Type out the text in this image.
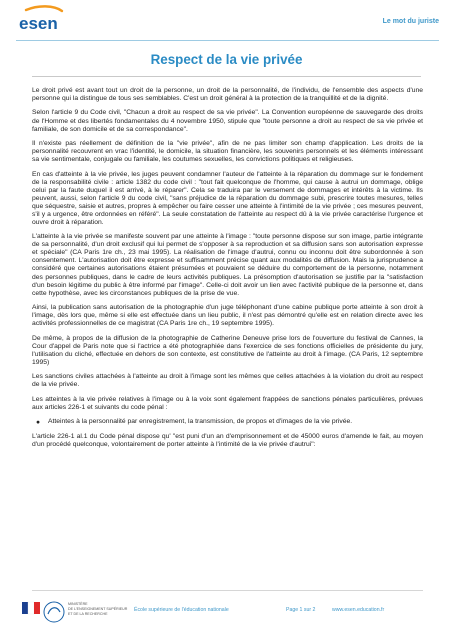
esen	Le mot du juriste
Respect de la vie privée

Le droit privé est avant tout un droit de la personne, un droit de la personnalité, de l'individu, de l'ensemble des aspects d'une personne qui la distingue de tous ses semblables. C'est un droit général à la protection de la tranquillité et de la dignité.

Selon l'article 9 du Code civil, "Chacun a droit au respect de sa vie privée". La Convention européenne de sauvegarde des droits de l'Homme et des libertés fondamentales du 4 novembre 1950, stipule que "toute personne a droit au respect de sa vie privée et familiale, de son domicile et de sa correspondance".

Il n'existe pas réellement de définition de la "vie privée", afin de ne pas limiter son champ d'application. Les droits de la personnalité recouvrent en vrac l'identité, le domicile, la situation financière, les souvenirs personnels et les éléments intéressant sa vie sentimentale, conjugale ou familiale, les coutumes sexuelles, les convictions politiques et religieuses.

En cas d'atteinte à la vie privée, les juges peuvent condamner l'auteur de l'atteinte à la réparation du dommage sur le fondement de la responsabilité civile : article 1382 du code civil : "tout fait quelconque de l'homme, qui cause à autrui un dommage, oblige celui par la faute duquel il est arrivé, à le réparer". Cela se traduira par le versement de dommages et intérêts à la victime. Ils peuvent, aussi, selon l'article 9 du code civil, "sans préjudice de la réparation du dommage subi, prescrire toutes mesures, telles que séquestre, saisie et autres, propres à empêcher ou faire cesser une atteinte à l'intimité de la vie privée ; ces mesures peuvent, s'il y a urgence, être ordonnées en référé". La seule constatation de l'atteinte au respect dû à la vie privée caractérise l'urgence et ouvre droit à réparation.

L'atteinte à la vie privée se manifeste souvent par une atteinte à l'image : "toute personne dispose sur son image, partie intégrante de sa personnalité, d'un droit exclusif qui lui permet de s'opposer à sa reproduction et sa diffusion sans son autorisation expresse et spéciale" (CA Paris 1re ch., 23 mai 1995). La réalisation de l'image d'autrui, connu ou inconnu doit être subordonnée à son consentement. L'autorisation doit être expresse et suffisamment précise quant aux modalités de diffusion. Mais la jurisprudence a considéré que certaines autorisations étaient présumées et pouvaient se déduire du comportement de la personne, notamment des personnes publiques, dans le cadre de leurs activités publiques. La présomption d'autorisation se justifie par la "satisfaction d'un besoin légitime du public à être informé par l'image". Celle-ci doit avoir un lien avec l'activité publique de la personne et, dans cette hypothèse, avec les circonstances publiques de la prise de vue.

Ainsi, la publication sans autorisation de la photographie d'un juge téléphonant d'une cabine publique porte atteinte à son droit à l'image, dès lors que, même si elle est effectuée dans un lieu public, il n'est pas démontré qu'elle est en relation directe avec les activités professionnelles de ce magistrat (CA Paris 1re ch., 19 septembre 1995).

De même, à propos de la diffusion de la photographie de Catherine Deneuve prise lors de l'ouverture du festival de Cannes, la Cour d'appel de Paris note que si l'actrice a été photographiée dans l'exercice de ses fonctions officielles de présidente du jury, l'utilisation du cliché, effectuée en dehors de son contexte, est constitutive de l'atteinte au droit à l'image. (CA Paris, 12 septembre 1995)

Les sanctions civiles attachées à l'atteinte au droit à l'image sont les mêmes que celles attachées à la violation du droit au respect de la vie privée.

Les atteintes à la vie privée relatives à l'image ou à la voix sont également frappées de sanctions pénales particulières, prévues aux articles 226-1 et suivants du code pénal :

● Atteintes à la personnalité par enregistrement, la transmission, de propos et d'images de la vie privée.

L'article 226-1 al.1 du Code pénal dispose qu' "est puni d'un an d'emprisonnement et de 45000 euros d'amende le fait, au moyen d'un procédé quelconque, volontairement de porter atteinte à l'intimité de la vie privée d'autrui":

MINISTÈRE
DE L'ENSEIGNEMENT SUPÉRIEUR
ET DE LA RECHERCHE
École supérieure de l'éducation nationale	Page 1 sur 2	www.esen.education.fr
